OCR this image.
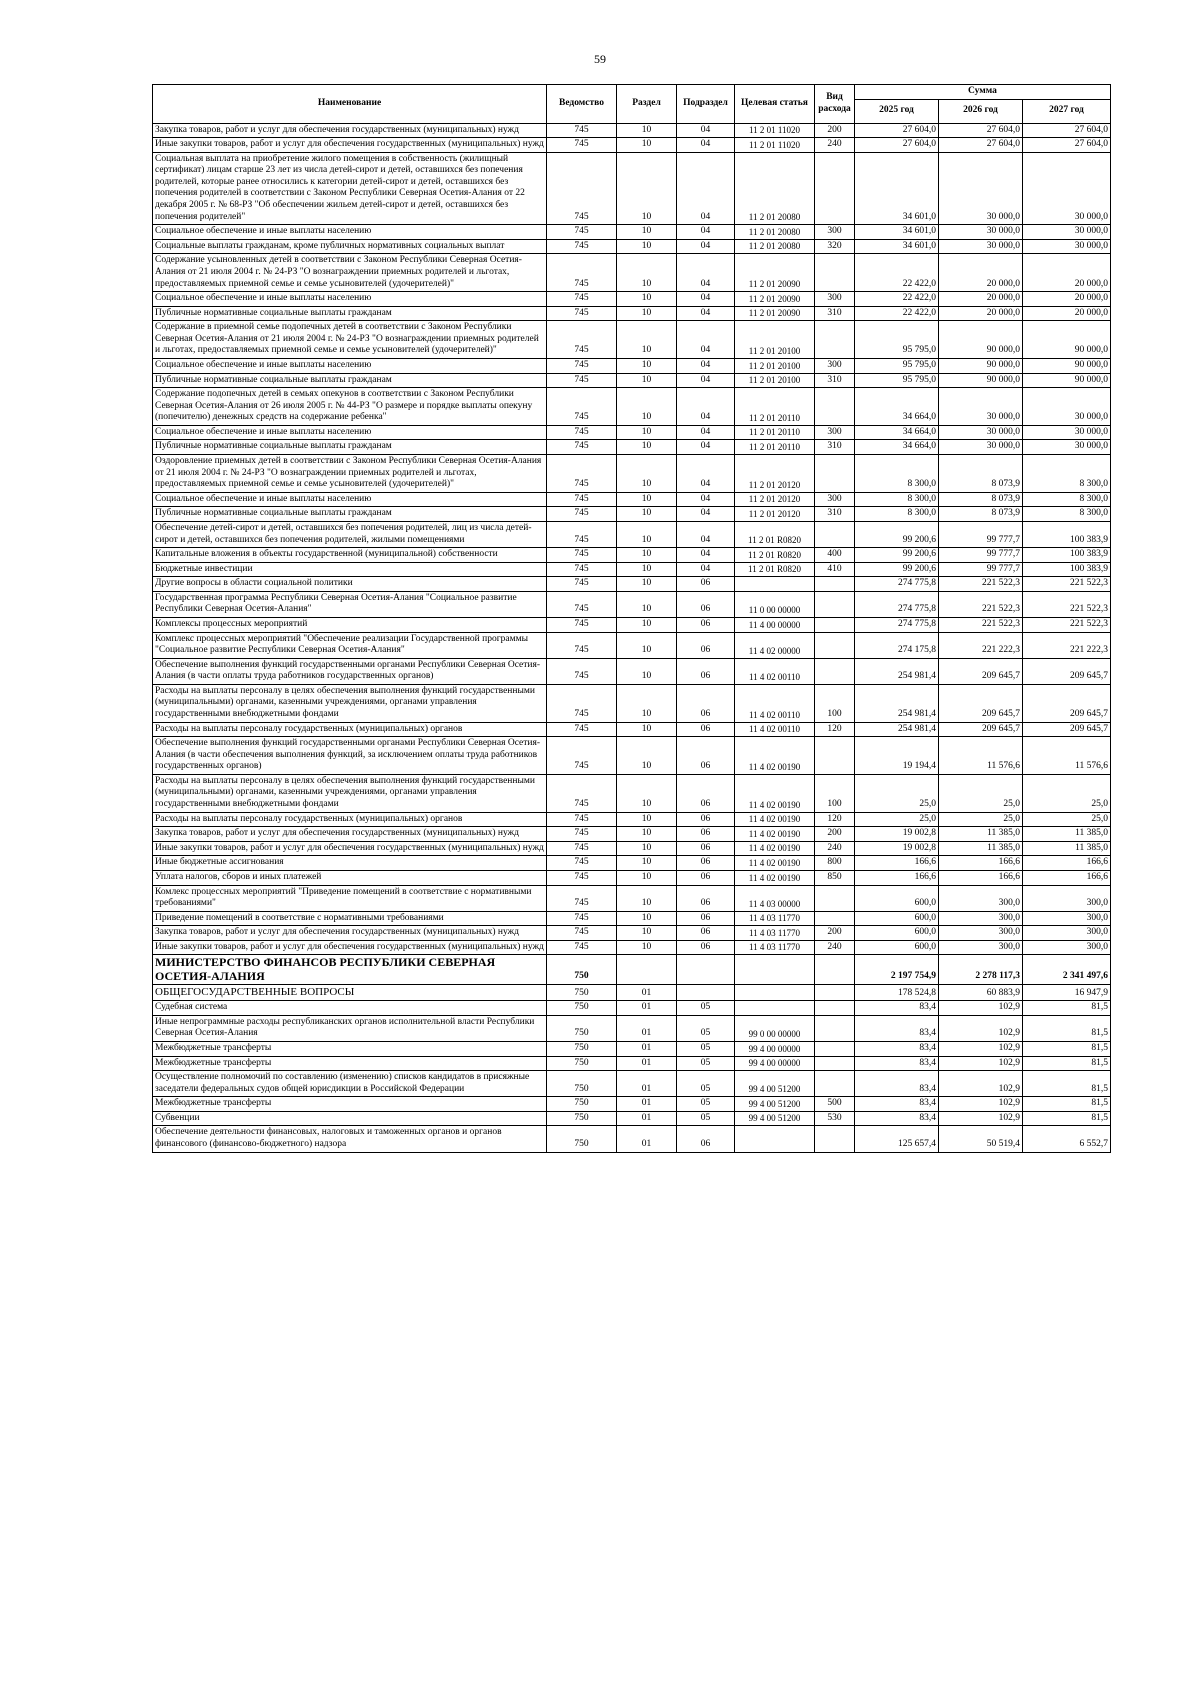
59
Наименование	Ведомство	Раздел	Подраздел	Целевая статья	Вид расхода	Сумма		
						2025 год	2026 год	2027 год
Закупка товаров, работ и услуг для обеспечения государственных (муниципальных) нужд	745	10	04	11 2 01 11020	200	27 604,0	27 604,0	27 604,0
Иные закупки товаров, работ и услуг для обеспечения государственных (муниципальных) нужд	745	10	04	11 2 01 11020	240	27 604,0	27 604,0	27 604,0
Социальная выплата на приобретение жилого помещения в собственность (жилищный сертификат) лицам старше 23 лет из числа детей-сирот и детей, оставшихся без попечения родителей, которые ранее относились к категории детей-сирот и детей, оставшихся без попечения родителей в соответствии с Законом Республики Северная Осетия-Алания от 22 декабря 2005 г. № 68-РЗ "Об обеспечении жильем детей-сирот и детей, оставшихся без попечения родителей"	745	10	04	11 2 01 20080		34 601,0	30 000,0	30 000,0
Социальное обеспечение и иные выплаты населению	745	10	04	11 2 01 20080	300	34 601,0	30 000,0	30 000,0
Социальные выплаты гражданам, кроме публичных нормативных социальных выплат	745	10	04	11 2 01 20080	320	34 601,0	30 000,0	30 000,0
Содержание усыновленных детей в соответствии с Законом Республики Северная Осетия-Алания от 21 июля 2004 г. № 24-РЗ "О вознаграждении приемных родителей и льготах, предоставляемых приемной семье и семье усыновителей (удочерителей)"	745	10	04	11 2 01 20090		22 422,0	20 000,0	20 000,0
Социальное обеспечение и иные выплаты населению	745	10	04	11 2 01 20090	300	22 422,0	20 000,0	20 000,0
Публичные нормативные социальные выплаты гражданам	745	10	04	11 2 01 20090	310	22 422,0	20 000,0	20 000,0
Содержание в приемной семье подопечных детей в соответствии с Законом Республики Северная Осетия-Алания от 21 июля 2004 г. № 24-РЗ "О вознаграждении приемных родителей и льготах, предоставляемых приемной семье и семье усыновителей (удочерителей)"	745	10	04	11 2 01 20100		95 795,0	90 000,0	90 000,0
Социальное обеспечение и иные выплаты населению	745	10	04	11 2 01 20100	300	95 795,0	90 000,0	90 000,0
Публичные нормативные социальные выплаты гражданам	745	10	04	11 2 01 20100	310	95 795,0	90 000,0	90 000,0
Содержание подопечных детей в семьях опекунов в соответствии с Законом Республики Северная Осетия-Алания от 26 июля 2005 г. № 44-РЗ "О размере и порядке выплаты опекуну (попечителю) денежных средств на содержание ребенка"	745	10	04	11 2 01 20110		34 664,0	30 000,0	30 000,0
Социальное обеспечение и иные выплаты населению	745	10	04	11 2 01 20110	300	34 664,0	30 000,0	30 000,0
Публичные нормативные социальные выплаты гражданам	745	10	04	11 2 01 20110	310	34 664,0	30 000,0	30 000,0
Оздоровление приемных детей в соответствии с Законом Республики Северная Осетия-Алания от 21 июля 2004 г. № 24-РЗ "О вознаграждении приемных родителей и льготах, предоставляемых приемной семье и семье усыновителей (удочерителей)"	745	10	04	11 2 01 20120		8 300,0	8 073,9	8 300,0
Социальное обеспечение и иные выплаты населению	745	10	04	11 2 01 20120	300	8 300,0	8 073,9	8 300,0
Публичные нормативные социальные выплаты гражданам	745	10	04	11 2 01 20120	310	8 300,0	8 073,9	8 300,0
Обеспечение детей-сирот и детей, оставшихся без попечения родителей, лиц из числа детей-сирот и детей, оставшихся без попечения родителей, жилыми помещениями	745	10	04	11 2 01 R0820		99 200,6	99 777,7	100 383,9
Капитальные вложения в объекты государственной (муниципальной) собственности	745	10	04	11 2 01 R0820	400	99 200,6	99 777,7	100 383,9
Бюджетные инвестиции	745	10	04	11 2 01 R0820	410	99 200,6	99 777,7	100 383,9
Другие вопросы в области социальной политики	745	10	06			274 775,8	221 522,3	221 522,3
Государственная программа Республики Северная Осетия-Алания "Социальное развитие Республики Северная Осетия-Алания"	745	10	06	11 0 00 00000		274 775,8	221 522,3	221 522,3
Комплексы процессных мероприятий	745	10	06	11 4 00 00000		274 775,8	221 522,3	221 522,3
Комплекс процессных мероприятий "Обеспечение реализации Государственной программы "Социальное развитие Республики Северная Осетия-Алания"	745	10	06	11 4 02 00000		274 175,8	221 222,3	221 222,3
Обеспечение выполнения функций государственными органами Республики Северная Осетия-Алания (в части оплаты труда работников государственных органов)	745	10	06	11 4 02 00110		254 981,4	209 645,7	209 645,7
Расходы на выплаты персоналу в целях обеспечения выполнения функций государственными (муниципальными) органами, казенными учреждениями, органами управления государственными внебюджетными фондами	745	10	06	11 4 02 00110	100	254 981,4	209 645,7	209 645,7
Расходы на выплаты персоналу государственных (муниципальных) органов	745	10	06	11 4 02 00110	120	254 981,4	209 645,7	209 645,7
Обеспечение выполнения функций государственными органами Республики Северная Осетия-Алания (в части обеспечения выполнения функций, за исключением оплаты труда работников государственных органов)	745	10	06	11 4 02 00190		19 194,4	11 576,6	11 576,6
Расходы на выплаты персоналу в целях обеспечения выполнения функций государственными (муниципальными) органами, казенными учреждениями, органами управления государственными внебюджетными фондами	745	10	06	11 4 02 00190	100	25,0	25,0	25,0
Расходы на выплаты персоналу государственных (муниципальных) органов	745	10	06	11 4 02 00190	120	25,0	25,0	25,0
Закупка товаров, работ и услуг для обеспечения государственных (муниципальных) нужд	745	10	06	11 4 02 00190	200	19 002,8	11 385,0	11 385,0
Иные закупки товаров, работ и услуг для обеспечения государственных (муниципальных) нужд	745	10	06	11 4 02 00190	240	19 002,8	11 385,0	11 385,0
Иные бюджетные ассигнования	745	10	06	11 4 02 00190	800	166,6	166,6	166,6
Уплата налогов, сборов и иных платежей	745	10	06	11 4 02 00190	850	166,6	166,6	166,6
Комлекс процессных мероприятий "Приведение помещений в соответствие с нормативными требованиями"	745	10	06	11 4 03 00000		600,0	300,0	300,0
Приведение помещений в соответствие с нормативными требованиями	745	10	06	11 4 03 11770		600,0	300,0	300,0
Закупка товаров, работ и услуг для обеспечения государственных (муниципальных) нужд	745	10	06	11 4 03 11770	200	600,0	300,0	300,0
Иные закупки товаров, работ и услуг для обеспечения государственных (муниципальных) нужд	745	10	06	11 4 03 11770	240	600,0	300,0	300,0
МИНИСТЕРСТВО ФИНАНСОВ РЕСПУБЛИКИ СЕВЕРНАЯ ОСЕТИЯ-АЛАНИЯ	750					2 197 754,9	2 278 117,3	2 341 497,6
ОБЩЕГОСУДАРСТВЕННЫЕ ВОПРОСЫ	750	01				178 524,8	60 883,9	16 947,9
Судебная система	750	01	05			83,4	102,9	81,5
Иные непрограммные расходы республиканских органов исполнительной власти Республики Северная Осетия-Алания	750	01	05	99 0 00 00000		83,4	102,9	81,5
Межбюджетные трансферты	750	01	05	99 4 00 00000		83,4	102,9	81,5
Межбюджетные трансферты	750	01	05	99 4 00 00000		83,4	102,9	81,5
Осуществление полномочий по составлению (изменению) списков кандидатов в присяжные заседатели федеральных судов общей юрисдикции в Российской Федерации	750	01	05	99 4 00 51200		83,4	102,9	81,5
Межбюджетные трансферты	750	01	05	99 4 00 51200	500	83,4	102,9	81,5
Субвенции	750	01	05	99 4 00 51200	530	83,4	102,9	81,5
Обеспечение деятельности финансовых, налоговых и таможенных органов и органов финансового (финансово-бюджетного) надзора	750	01	06			125 657,4	50 519,4	6 552,7
